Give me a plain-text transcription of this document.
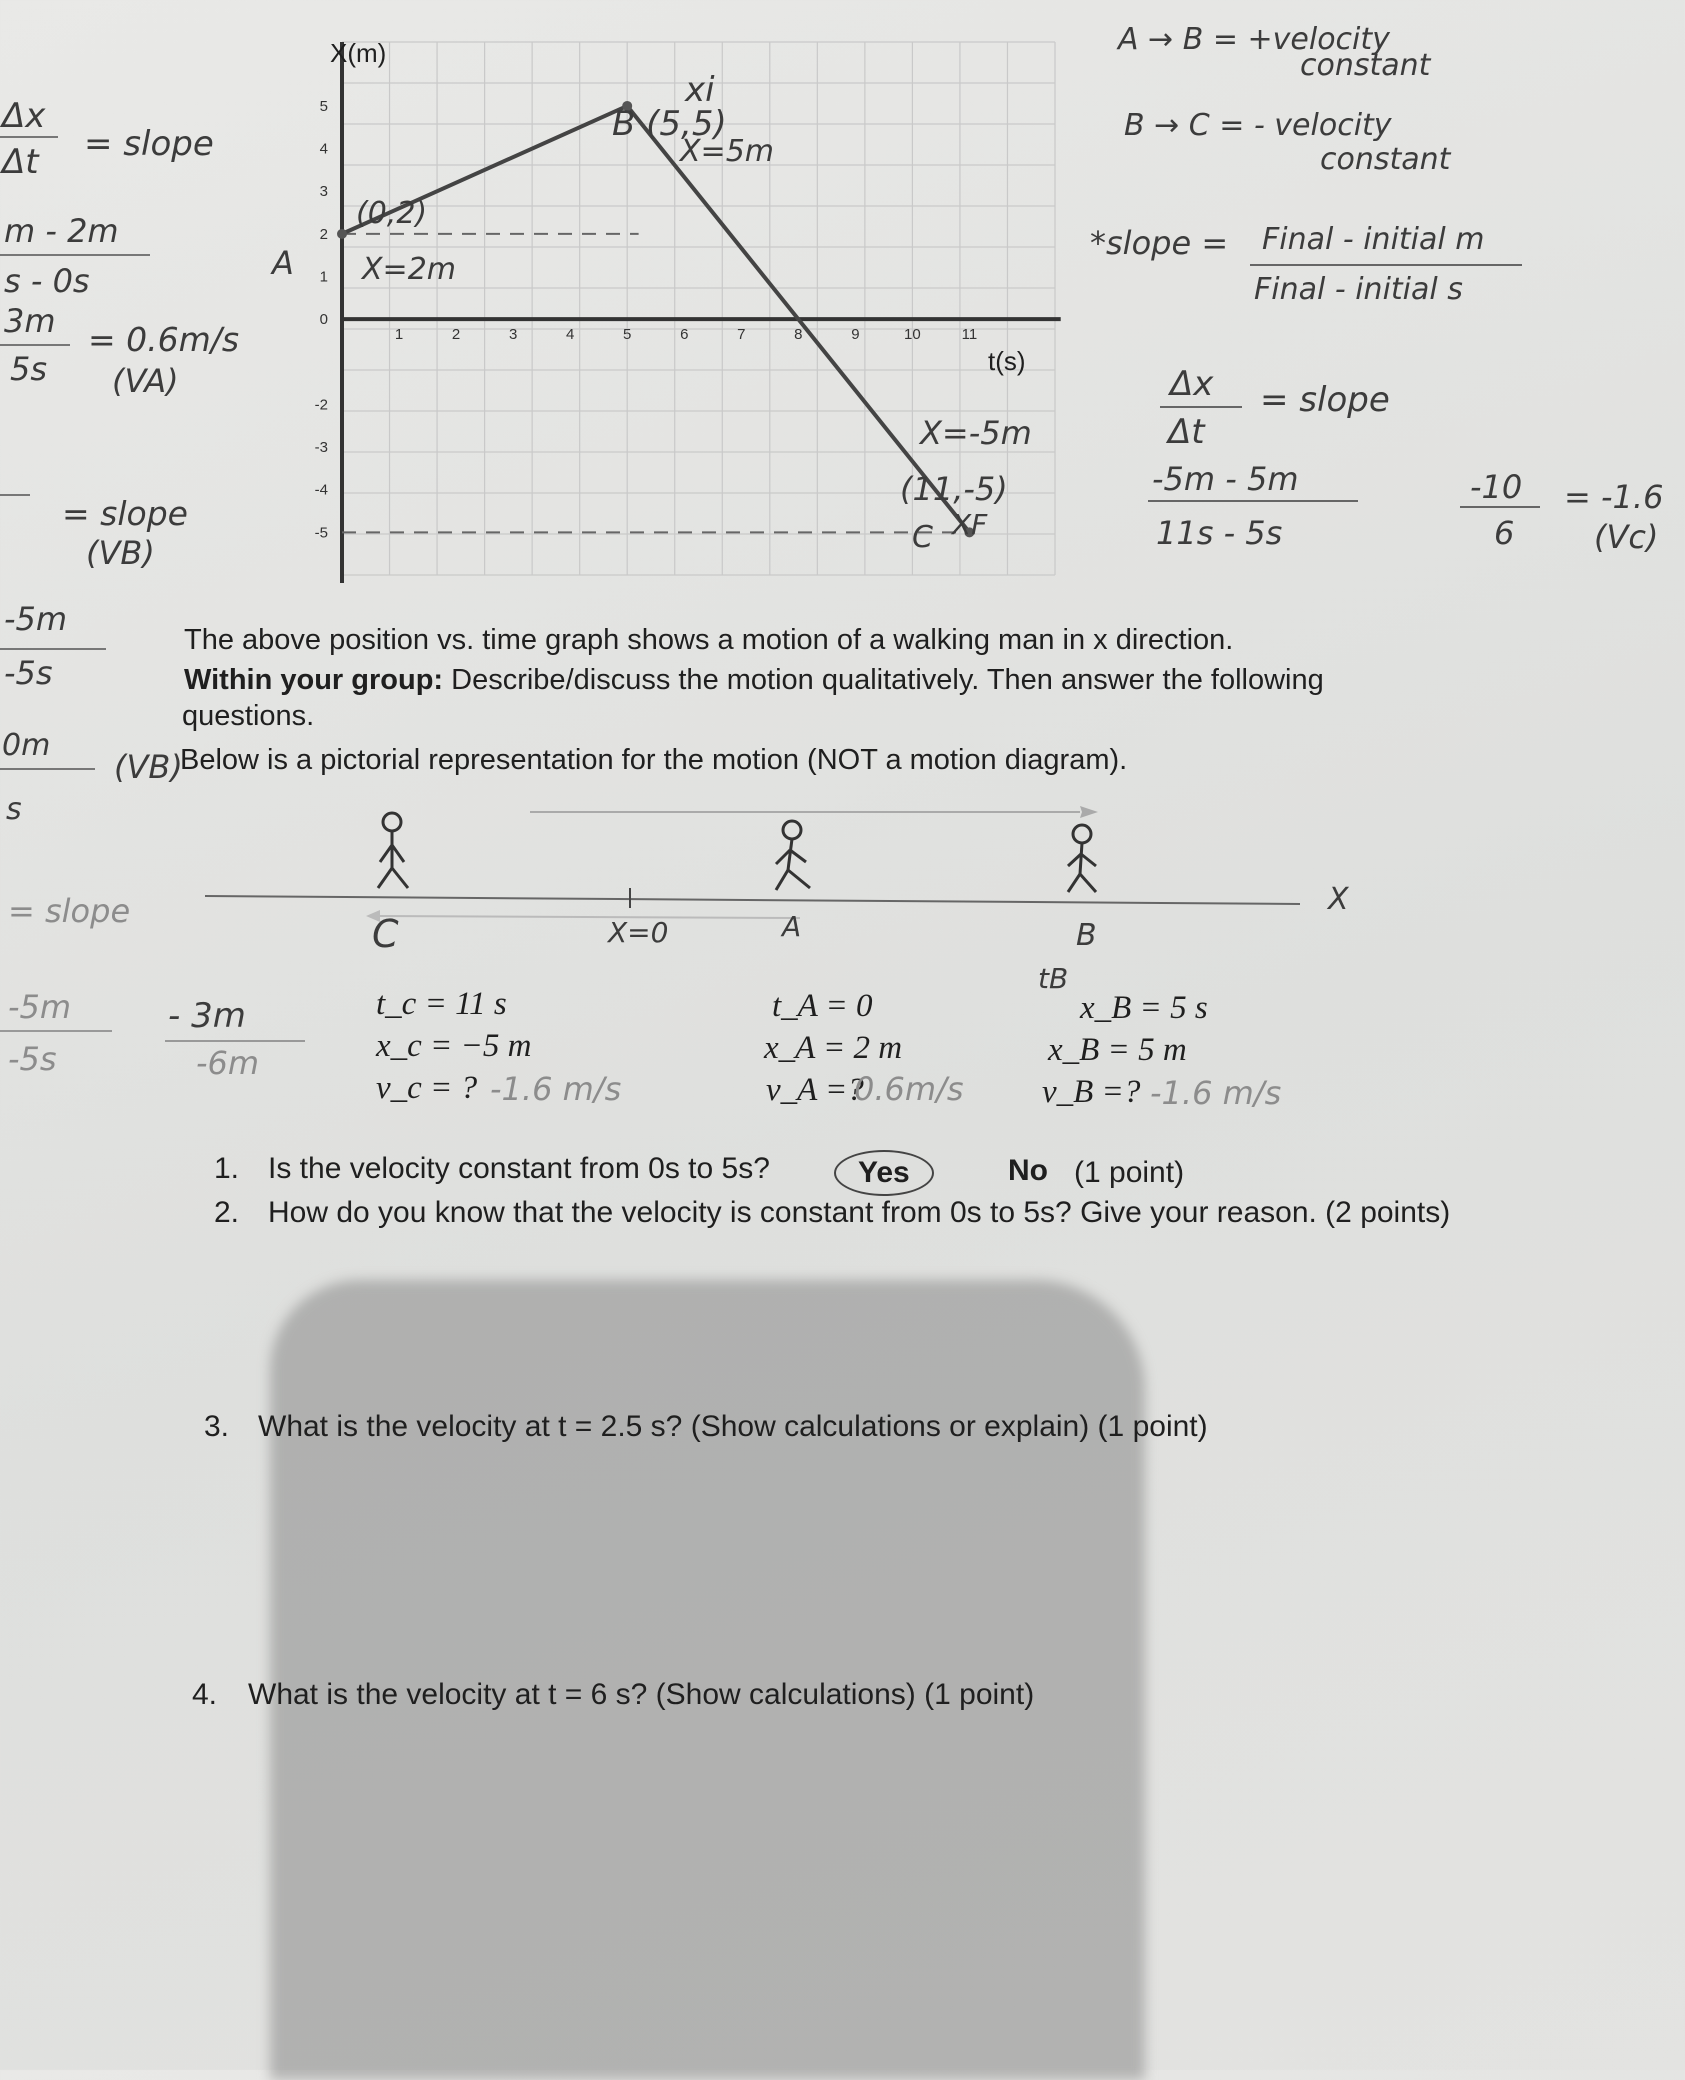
1	2	3	4	5	6	7	8	9	10	11
5
4
3
2
1
0
-2
-3
-4
-5
X(m)
t(s)
A
xi
B (5,5)
X=5m
(0,2)
X=2m
X=-5m
(11,-5)
C XF
Δx
Δt = slope
m - 2m
s - 0s
3m
5s
= 0.6m/s
(VA)
= slope
(VB)
-5m
-5s
0m
(VB)
s
= slope
-5m
-5s
- 3m
-6m
A → B = +velocity
constant
B → C = - velocity
constant
*slope = Final - initial m
Final - initial s
Δx
Δt
= slope
-5m - 5m
11s - 5s
-10
6
= -1.6
(Vc)
The above position vs. time graph shows a motion of a walking man in x direction.
Within your group: Describe/discuss the motion qualitatively. Then answer the following
questions.
Below is a pictorial representation for the motion (NOT a motion diagram).
X
C	X=0	A	B
tB
t_c = 11 s
x_c = −5 m
v_c = ? -1.6 m/s
t_A = 0
x_A = 2 m
v_A =?
0.6m/s
x_B = 5 s
x_B = 5 m
v_B =? -1.6 m/s
1. Is the velocity constant from 0s to 5s?	Yes	No (1 point)
2. How do you know that the velocity is constant from 0s to 5s? Give your reason. (2 points)
3. What is the velocity at t = 2.5 s? (Show calculations or explain) (1 point)
4. What is the velocity at t = 6 s? (Show calculations) (1 point)
